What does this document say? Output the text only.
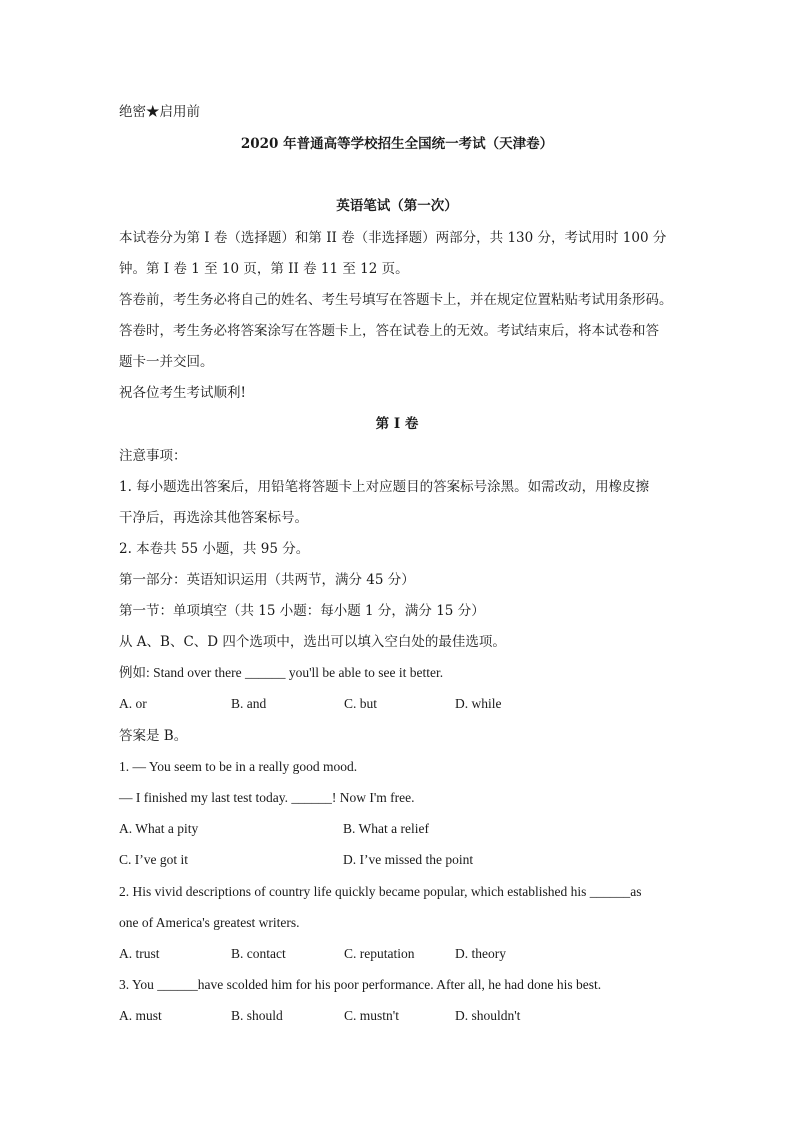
绝密★启用前
2020 年普通高等学校招生全国统一考试（天津卷）
英语笔试（第一次）
本试卷分为第 I 卷（选择题）和第 II 卷（非选择题）两部分，共 130 分，考试用时 100 分
钟。第 I 卷 1 至 10 页，第 II 卷 11 至 12 页。
答卷前，考生务必将自己的姓名、考生号填写在答题卡上，并在规定位置粘贴考试用条形码。
答卷时，考生务必将答案涂写在答题卡上，答在试卷上的无效。考试结束后，将本试卷和答
题卡一并交回。
祝各位考生考试顺利!
第 I 卷
注意事项：
1. 每小题选出答案后，用铅笔将答题卡上对应题目的答案标号涂黑。如需改动，用橡皮擦
干净后，再选涂其他答案标号。
2. 本卷共 55 小题，共 95 分。
第一部分：英语知识运用（共两节，满分 45 分）
第一节：单项填空（共 15 小题：每小题 1 分，满分 15 分）
从 A、B、C、D 四个选项中，选出可以填入空白处的最佳选项。
例如: Stand over there ______ you'll be able to see it better.
A. or	B. and	C. but	D. while
答案是 B。
1. — You seem to be in a really good mood.
— I finished my last test today. ______! Now I'm free.
A. What a pity	B. What a relief
C. I’ve got it	D. I’ve missed the point
2. His vivid descriptions of country life quickly became popular, which established his ______as
one of America's greatest writers.
A. trust	B. contact	C. reputation	D. theory
3. You ______have scolded him for his poor performance. After all, he had done his best.
A. must	B. should	C. mustn't	D. shouldn't
